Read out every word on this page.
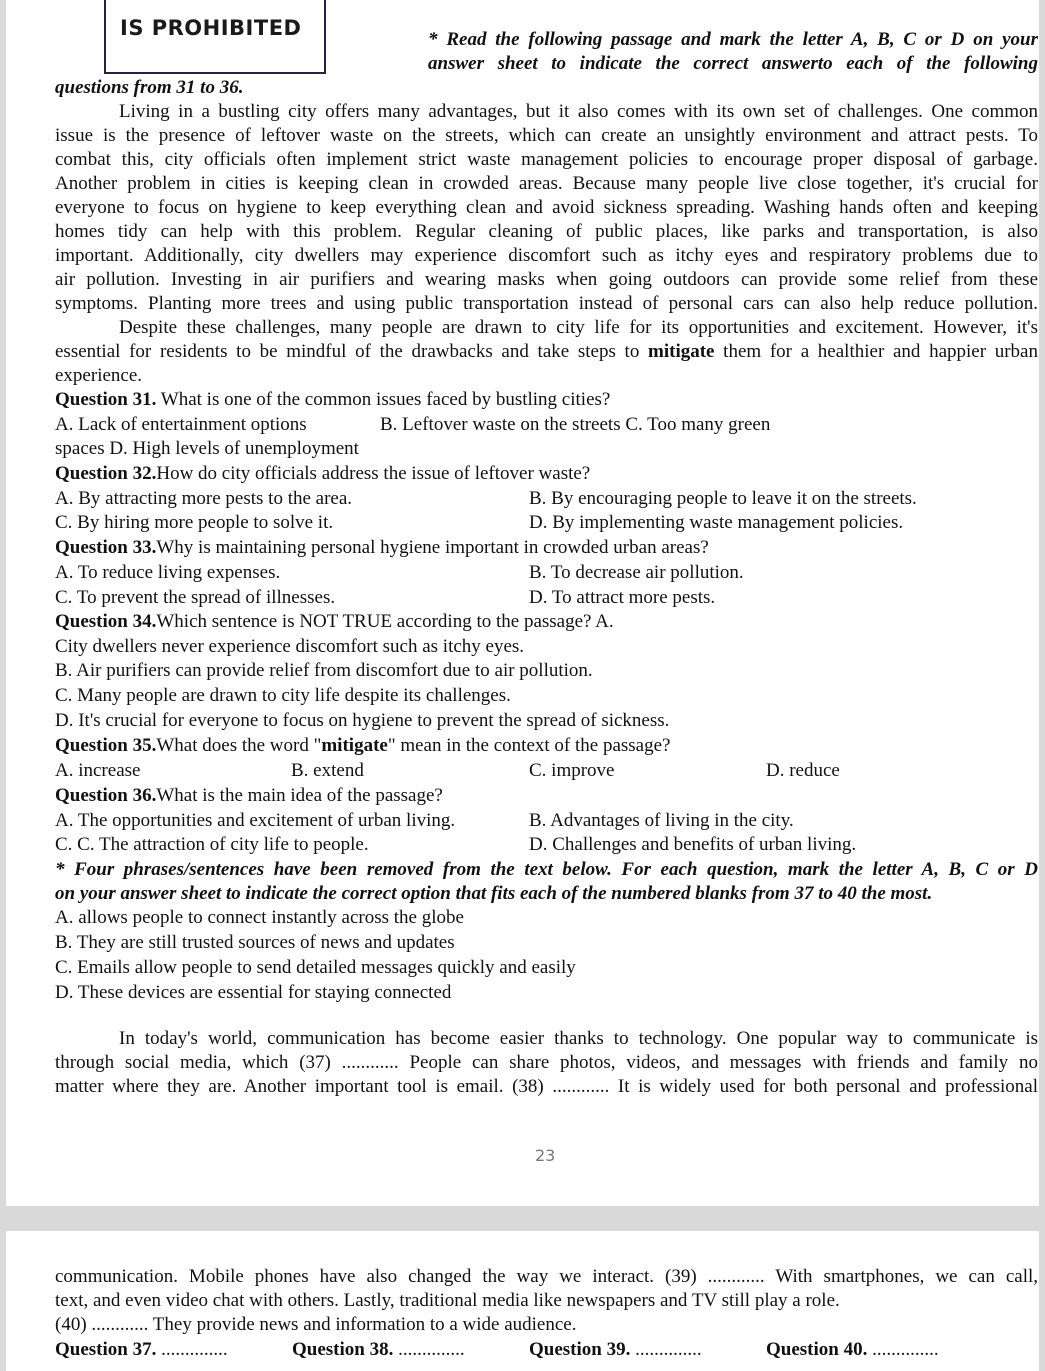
IS PROHIBITED	* Read the following passage and mark the letter A, B, C or D on your
answer sheet to indicate the correct answerto each of the following
questions from 31 to 36.
Living in a bustling city offers many advantages, but it also comes with its own set of challenges. One common
issue is the presence of leftover waste on the streets, which can create an unsightly environment and attract pests. To
combat this, city officials often implement strict waste management policies to encourage proper disposal of garbage.
Another problem in cities is keeping clean in crowded areas. Because many people live close together, it's crucial for
everyone to focus on hygiene to keep everything clean and avoid sickness spreading. Washing hands often and keeping
homes tidy can help with this problem. Regular cleaning of public places, like parks and transportation, is also
important. Additionally, city dwellers may experience discomfort such as itchy eyes and respiratory problems due to
air pollution. Investing in air purifiers and wearing masks when going outdoors can provide some relief from these
symptoms. Planting more trees and using public transportation instead of personal cars can also help reduce pollution.
Despite these challenges, many people are drawn to city life for its opportunities and excitement. However, it's
essential for residents to be mindful of the drawbacks and take steps to mitigate them for a healthier and happier urban
experience.
Question 31. What is one of the common issues faced by bustling cities?
A. Lack of entertainment options	B. Leftover waste on the streets C. Too many green
spaces D. High levels of unemployment
Question 32.How do city officials address the issue of leftover waste?
A. By attracting more pests to the area.	B. By encouraging people to leave it on the streets.
C. By hiring more people to solve it.	D. By implementing waste management policies.
Question 33.Why is maintaining personal hygiene important in crowded urban areas?
A. To reduce living expenses.	B. To decrease air pollution.
C. To prevent the spread of illnesses.	D. To attract more pests.
Question 34.Which sentence is NOT TRUE according to the passage? A.
City dwellers never experience discomfort such as itchy eyes.
B. Air purifiers can provide relief from discomfort due to air pollution.
C. Many people are drawn to city life despite its challenges.
D. It's crucial for everyone to focus on hygiene to prevent the spread of sickness.
Question 35.What does the word "mitigate" mean in the context of the passage?
A. increase	B. extend	C. improve	D. reduce
Question 36.What is the main idea of the passage?
A. The opportunities and excitement of urban living.	B. Advantages of living in the city.
C. C. The attraction of city life to people.	D. Challenges and benefits of urban living.
* Four phrases/sentences have been removed from the text below. For each question, mark the letter A, B, C or D
on your answer sheet to indicate the correct option that fits each of the numbered blanks from 37 to 40 the most.
A. allows people to connect instantly across the globe
B. They are still trusted sources of news and updates
C. Emails allow people to send detailed messages quickly and easily
D. These devices are essential for staying connected
In today's world, communication has become easier thanks to technology. One popular way to communicate is
through social media, which (37) ............ People can share photos, videos, and messages with friends and family no
matter where they are. Another important tool is email. (38) ............ It is widely used for both personal and professional
23
communication. Mobile phones have also changed the way we interact. (39) ............ With smartphones, we can call,
text, and even video chat with others. Lastly, traditional media like newspapers and TV still play a role.
(40) ............ They provide news and information to a wide audience.
Question 37. ..............	Question 38. ..............	Question 39. ..............	Question 40. ..............
